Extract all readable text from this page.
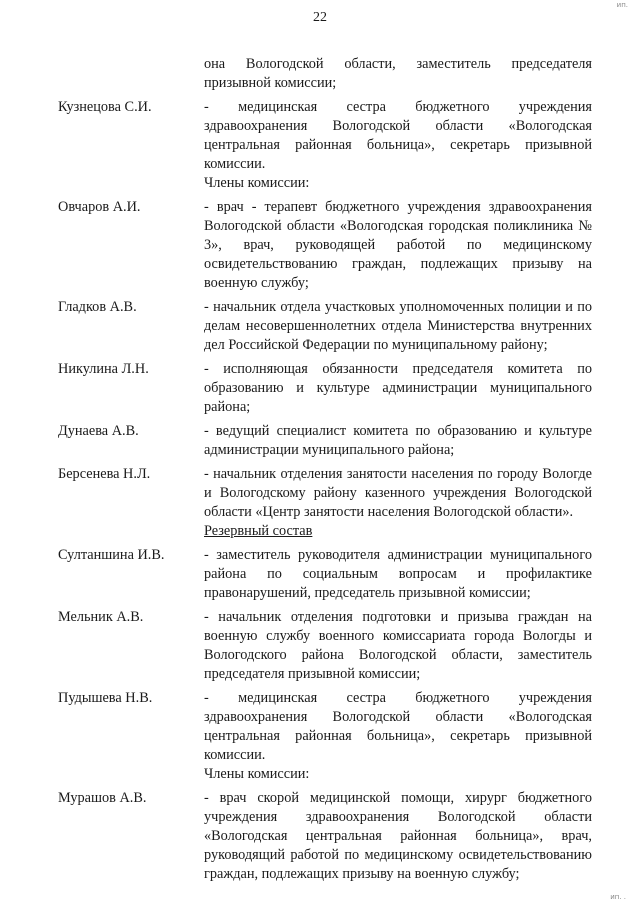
ип.
22
она Вологодской области, заместитель председателя призывной комиссии;
Кузнецова С.И.	- медицинская сестра бюджетного учреждения здравоохранения Вологодской области «Вологодская центральная районная больница», секретарь призывной комиссии.
Члены комиссии:
Овчаров А.И.	- врач - терапевт бюджетного учреждения здравоохранения Вологодской области «Вологодская городская поликлиника № 3», врач, руководящей работой по медицинскому освидетельствованию граждан, подлежащих призыву на военную службу;
Гладков А.В.	- начальник отдела участковых уполномоченных полиции и по делам несовершеннолетних отдела Министерства внутренних дел Российской Федерации по муниципальному району;
Никулина Л.Н.	- исполняющая обязанности председателя комитета по образованию и культуре администрации муниципального района;
Дунаева А.В.	- ведущий специалист комитета по образованию и культуре администрации муниципального района;
Берсенева Н.Л.	- начальник отделения занятости населения по городу Вологде и Вологодскому району казенного учреждения Вологодской области «Центр занятости населения Вологодской области».
Резервный состав
Султаншина И.В.	- заместитель руководителя администрации муниципального района по социальным вопросам и профилактике правонарушений, председатель призывной комиссии;
Мельник А.В.	- начальник отделения подготовки и призыва граждан на военную службу военного комиссариата города Вологды и Вологодского района Вологодской области, заместитель председателя призывной комиссии;
Пудышева Н.В.	- медицинская сестра бюджетного учреждения здравоохранения Вологодской области «Вологодская центральная районная больница», секретарь призывной комиссии.
Члены комиссии:
Мурашов А.В.	- врач скорой медицинской помощи, хирург бюджетного учреждения здравоохранения Вологодской области «Вологодская центральная районная больница», врач, руководящий работой по медицинскому освидетельствованию граждан, подлежащих призыву на военную службу;
ип. .
